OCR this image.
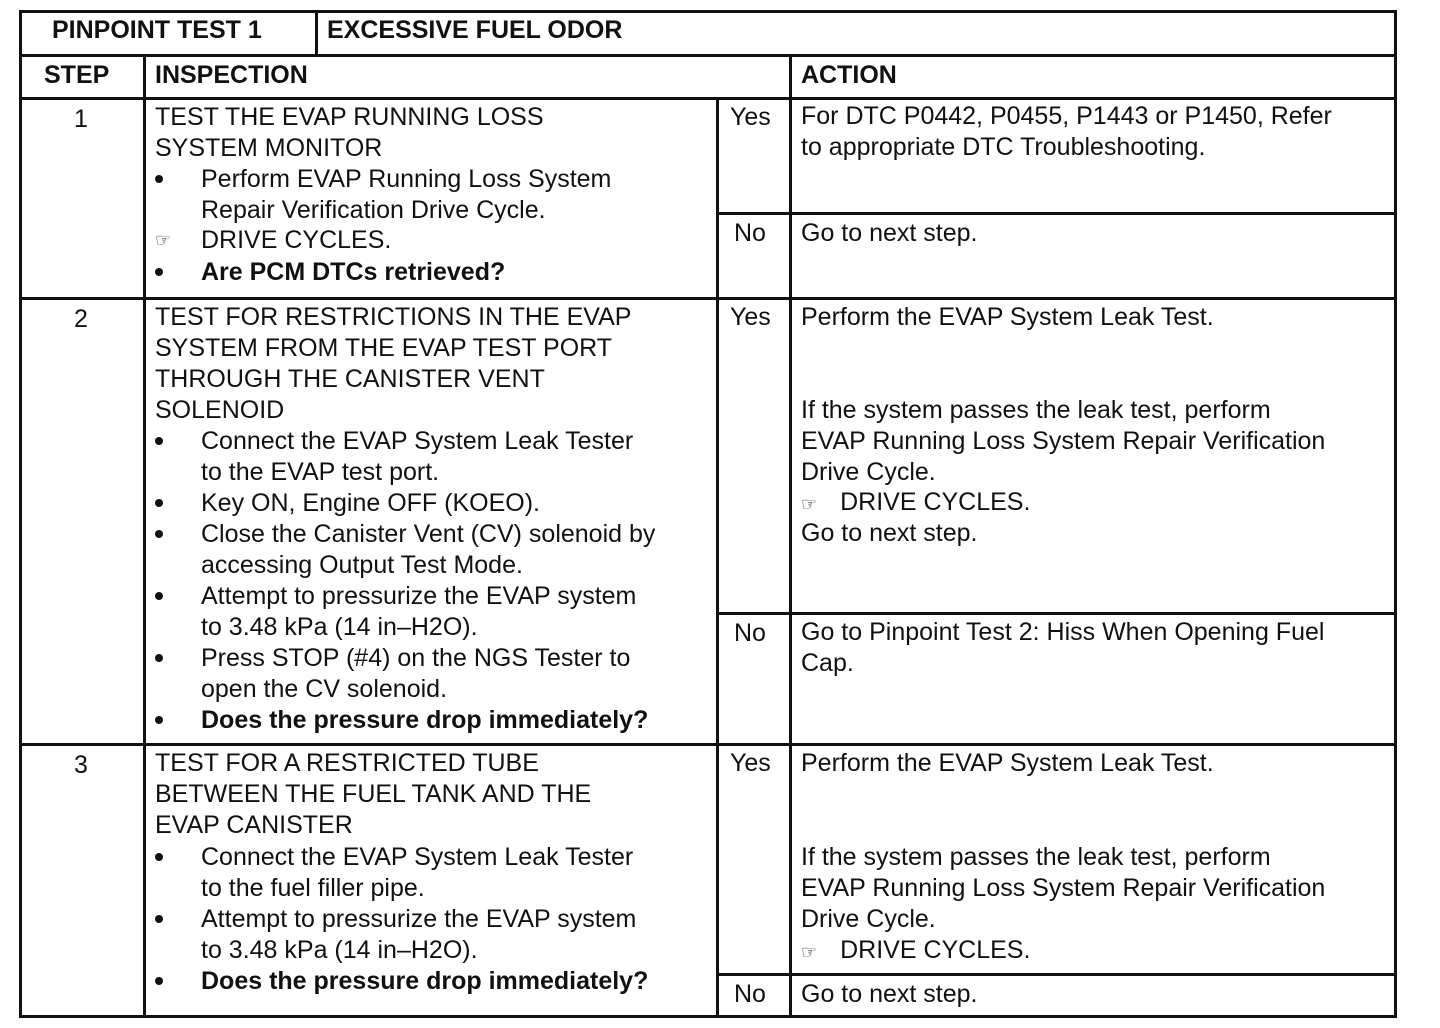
PINPOINT TEST 1	EXCESSIVE FUEL ODOR
STEP INSPECTION	ACTION
1	TEST THE EVAP RUNNING LOSS
SYSTEM MONITOR
Perform EVAP Running Loss System
Repair Verification Drive Cycle.
☞	DRIVE CYCLES.
Are PCM DTCs retrieved?
Yes For DTC P0442, P0455, P1443 or P1450, Refer
to appropriate DTC Troubleshooting.
No Go to next step.
2	TEST FOR RESTRICTIONS IN THE EVAP
SYSTEM FROM THE EVAP TEST PORT
THROUGH THE CANISTER VENT
SOLENOID
Connect the EVAP System Leak Tester
to the EVAP test port.
Key ON, Engine OFF (KOEO).
Close the Canister Vent (CV) solenoid by
accessing Output Test Mode.
Attempt to pressurize the EVAP system
to 3.48 kPa (14 in–H2O).
Press STOP (#4) on the NGS Tester to
open the CV solenoid.
Does the pressure drop immediately?
Yes Perform the EVAP System Leak Test.
If the system passes the leak test, perform
EVAP Running Loss System Repair Verification
Drive Cycle.
☞ DRIVE CYCLES.
Go to next step.
No Go to Pinpoint Test 2: Hiss When Opening Fuel
Cap.
3	TEST FOR A RESTRICTED TUBE
BETWEEN THE FUEL TANK AND THE
EVAP CANISTER
Connect the EVAP System Leak Tester
to the fuel filler pipe.
Attempt to pressurize the EVAP system
to 3.48 kPa (14 in–H2O).
Does the pressure drop immediately?
Yes Perform the EVAP System Leak Test.
If the system passes the leak test, perform
EVAP Running Loss System Repair Verification
Drive Cycle.
☞ DRIVE CYCLES.
No Go to next step.
